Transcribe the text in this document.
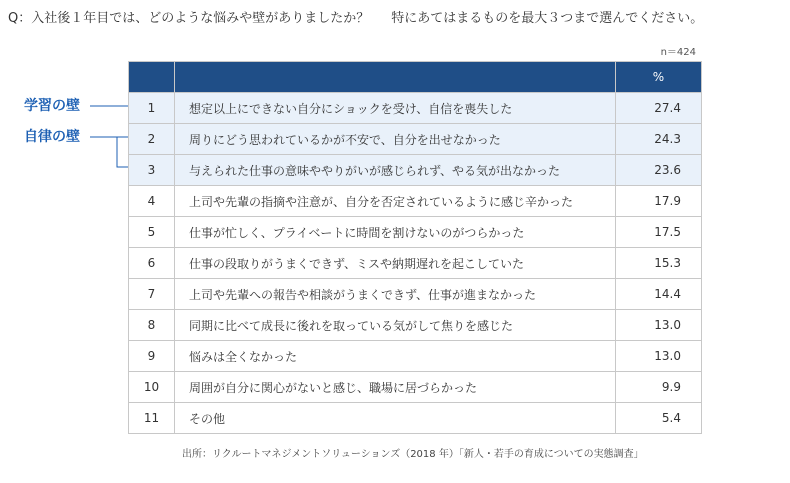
Q：入社後１年目では、どのような悩みや壁がありましたか？ 特にあてはまるものを最大３つまで選んでください。
n＝424
学習の壁
自律の壁
		%
1	想定以上にできない自分にショックを受け、自信を喪失した	27.4
2	周りにどう思われているかが不安で、自分を出せなかった	24.3
3	与えられた仕事の意味ややりがいが感じられず、やる気が出なかった	23.6
4	上司や先輩の指摘や注意が、自分を否定されているように感じ辛かった	17.9
5	仕事が忙しく、プライベートに時間を割けないのがつらかった	17.5
6	仕事の段取りがうまくできず、ミスや納期遅れを起こしていた	15.3
7	上司や先輩への報告や相談がうまくできず、仕事が進まなかった	14.4
8	同期に比べて成長に後れを取っている気がして焦りを感じた	13.0
9	悩みは全くなかった	13.0
10	周囲が自分に関心がないと感じ、職場に居づらかった	9.9
11	その他	5.4
出所：リクルートマネジメントソリューションズ（2018 年）「新人・若手の育成についての実態調査」
